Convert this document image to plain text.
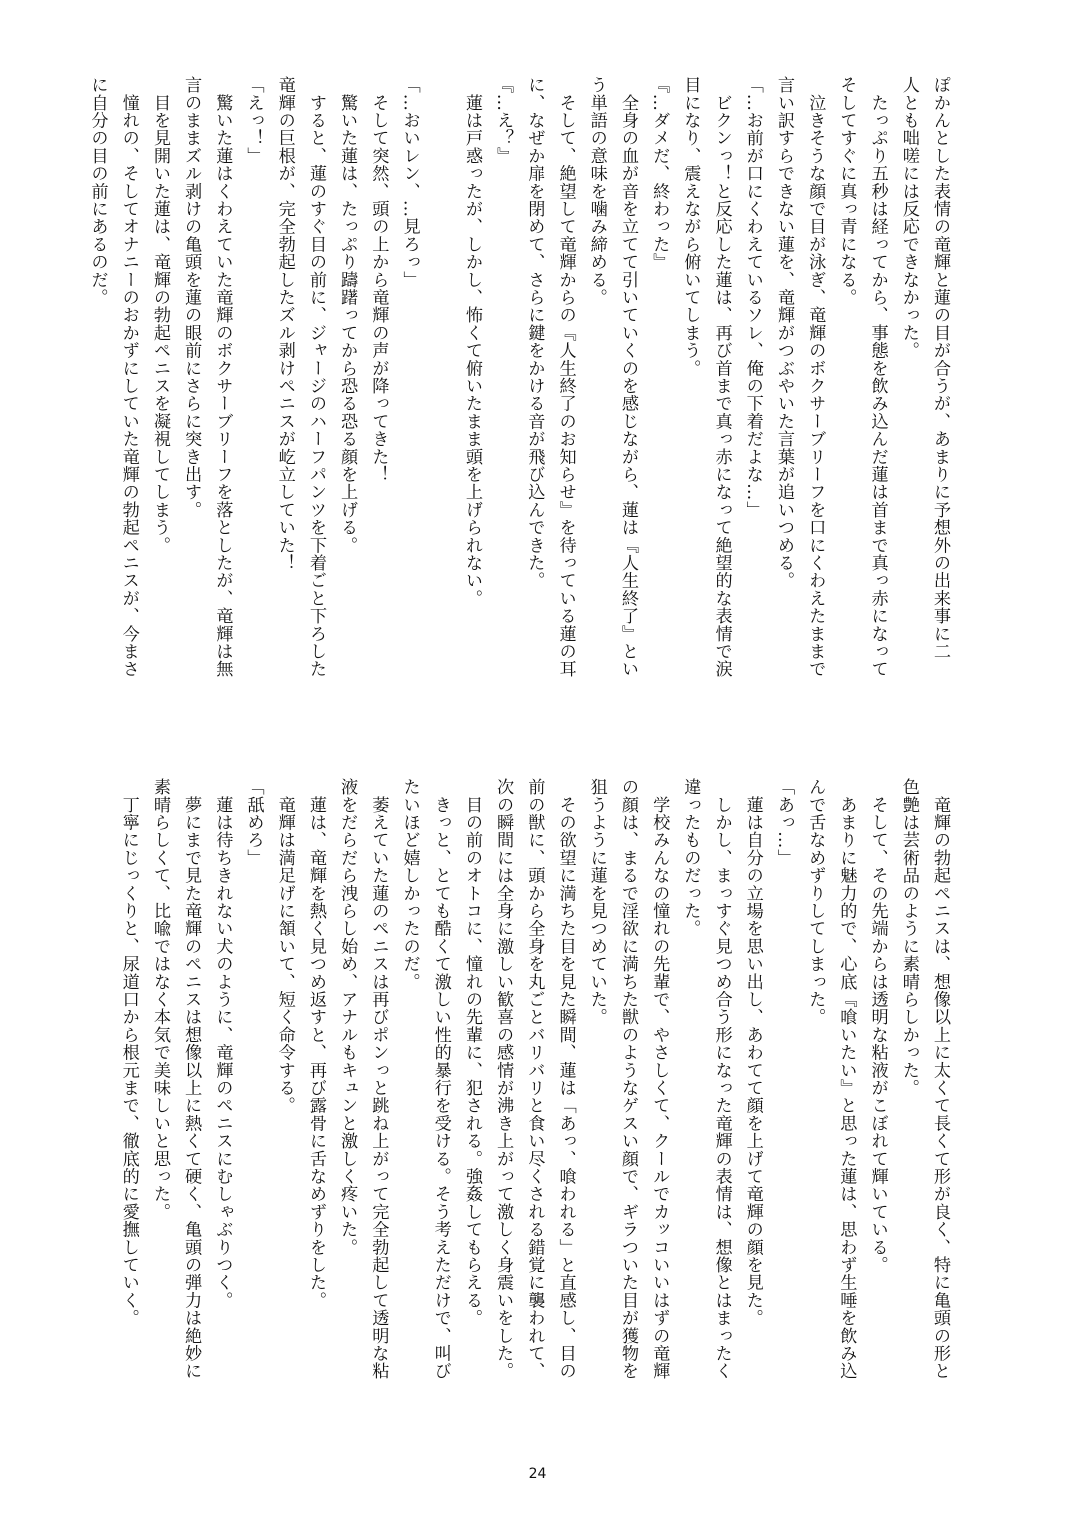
ぽかんとした表情の竜輝と蓮の目が合うが、あまりに予想外の出来事に二
人とも咄嗟には反応できなかった。
　たっぷり五秒は経ってから、事態を飲み込んだ蓮は首まで真っ赤になって
そしてすぐに真っ青になる。
　泣きそうな顔で目が泳ぎ、竜輝のボクサーブリーフを口にくわえたままで
言い訳すらできない蓮を、竜輝がつぶやいた言葉が追いつめる。
「…お前が口にくわえているソレ、俺の下着だよな…」
　ビクンっ！と反応した蓮は、再び首まで真っ赤になって絶望的な表情で涙
目になり、震えながら俯いてしまう。
『…ダメだ、終わった』
　全身の血が音を立てて引いていくのを感じながら、蓮は『人生終了』とい
う単語の意味を噛み締める。
　そして、絶望して竜輝からの『人生終了のお知らせ』を待っている蓮の耳
に、なぜか扉を閉めて、さらに鍵をかける音が飛び込んできた。
『…え？』
　蓮は戸惑ったが、しかし、怖くて俯いたまま頭を上げられない。

「…おいレン、…見ろっ」
　そして突然、頭の上から竜輝の声が降ってきた！
　驚いた蓮は、たっぷり躊躇ってから恐る恐る顔を上げる。
　すると、蓮のすぐ目の前に、ジャージのハーフパンツを下着ごと下ろした
竜輝の巨根が、完全勃起したズル剥けペニスが屹立していた！
「えっ！」
　驚いた蓮はくわえていた竜輝のボクサーブリーフを落としたが、竜輝は無
言のままズル剥けの亀頭を蓮の眼前にさらに突き出す。
　目を見開いた蓮は、竜輝の勃起ペニスを凝視してしまう。
　憧れの、そしてオナニーのおかずにしていた竜輝の勃起ペニスが、今まさ
に自分の目の前にあるのだ。
　竜輝の勃起ペニスは、想像以上に太くて長くて形が良く、特に亀頭の形と
色艶は芸術品のように素晴らしかった。
　そして、その先端からは透明な粘液がこぼれて輝いている。
　あまりに魅力的で、心底『喰いたい』と思った蓮は、思わず生唾を飲み込
んで舌なめずりしてしまった。
「あっ…」
　蓮は自分の立場を思い出し、あわてて顔を上げて竜輝の顔を見た。
　しかし、まっすぐ見つめ合う形になった竜輝の表情は、想像とはまったく
違ったものだった。
　学校みんなの憧れの先輩で、やさしくて、クールでカッコいいはずの竜輝
の顔は、まるで淫欲に満ちた獣のようなゲスい顔で、ギラついた目が獲物を
狙うように蓮を見つめていた。
　その欲望に満ちた目を見た瞬間、蓮は「あっ、喰われる」と直感し、目の
前の獣に、頭から全身を丸ごとバリバリと食い尽くされる錯覚に襲われて、
次の瞬間には全身に激しい歓喜の感情が沸き上がって激しく身震いをした。
　目の前のオトコに、憧れの先輩に、犯される。強姦してもらえる。
　きっと、とても酷くて激しい性的暴行を受ける。そう考えただけで、叫び
たいほど嬉しかったのだ。
　萎えていた蓮のペニスは再びポンっと跳ね上がって完全勃起して透明な粘
液をだらだら洩らし始め、アナルもキュンと激しく疼いた。
　蓮は、竜輝を熱く見つめ返すと、再び露骨に舌なめずりをした。
　竜輝は満足げに頷いて、短く命令する。
「舐めろ」
　蓮は待ちきれない犬のように、竜輝のペニスにむしゃぶりつく。
　夢にまで見た竜輝のペニスは想像以上に熱くて硬く、亀頭の弾力は絶妙に
素晴らしくて、比喩ではなく本気で美味しいと思った。
　丁寧にじっくりと、尿道口から根元まで、徹底的に愛撫していく。
24
